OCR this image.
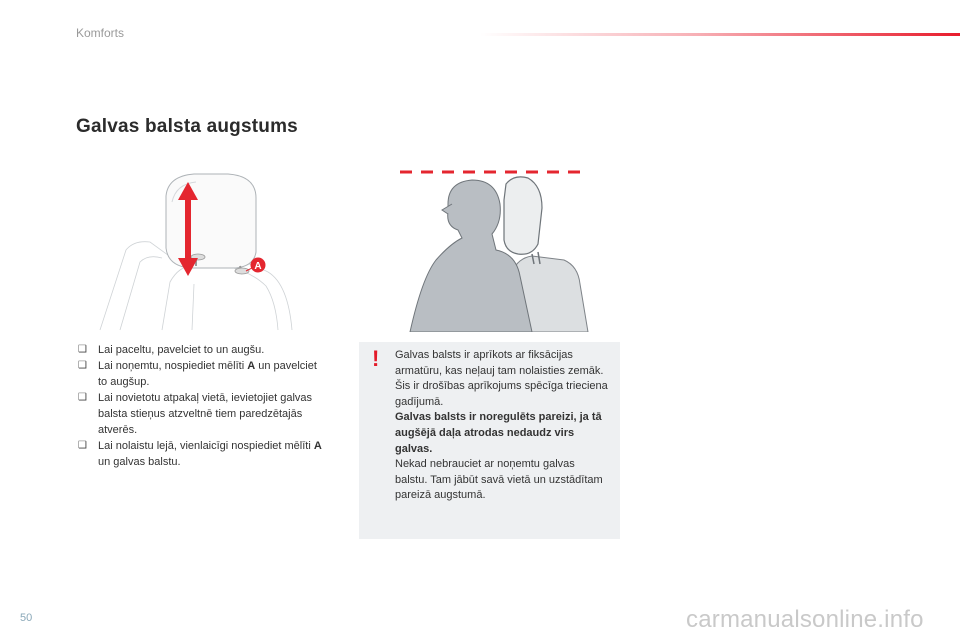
Komforts
Galvas balsta augstums
A
❑ Lai paceltu, pavelciet to un augšu.
❑ Lai noņemtu, nospiediet mēlīti A un pavelciet to augšup.
❑ Lai novietotu atpakaļ vietā, ievietojiet galvas balsta stieņus atzveltnē tiem paredzētajās atverēs.
❑ Lai nolaistu lejā, vienlaicīgi nospiediet mēlīti A un galvas balstu.
! Galvas balsts ir aprīkots ar fiksācijas armatūru, kas neļauj tam nolaisties zemāk. Šis ir drošības aprīkojums spēcīga trieciena gadījumā.
Galvas balsts ir noregulēts pareizi, ja tā augšējā daļa atrodas nedaudz virs galvas.
Nekad nebrauciet ar noņemtu galvas balstu. Tam jābūt savā vietā un uzstādītam pareizā augstumā.
50	carmanualsonline.info
